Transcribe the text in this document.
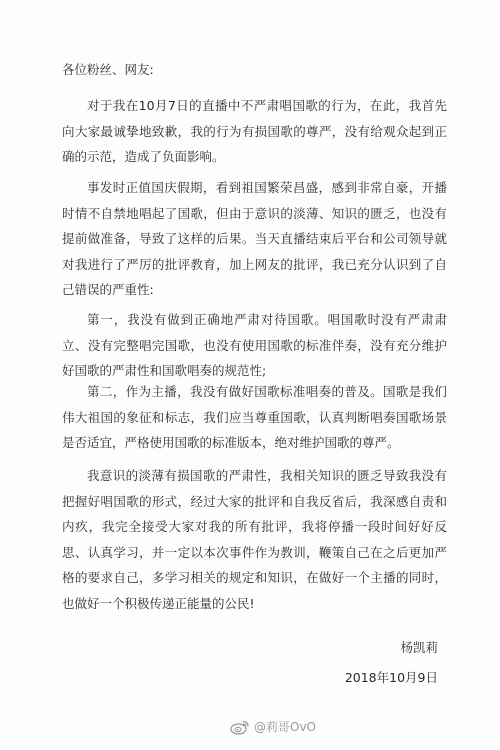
各位粉丝、网友:

对于我在10月7日的直播中不严肃唱国歌的行为，在此，我首先向大家最诚挚地致歉，我的行为有损国歌的尊严，没有给观众起到正确的示范，造成了负面影响。

事发时正值国庆假期，看到祖国繁荣昌盛，感到非常自豪，开播时情不自禁地唱起了国歌，但由于意识的淡薄、知识的匮乏，也没有提前做准备，导致了这样的后果。当天直播结束后平台和公司领导就对我进行了严厉的批评教育，加上网友的批评，我已充分认识到了自己错误的严重性:

第一，我没有做到正确地严肃对待国歌。唱国歌时没有严肃肃立、没有完整唱完国歌，也没有使用国歌的标准伴奏，没有充分维护好国歌的严肃性和国歌唱奏的规范性;

第二，作为主播，我没有做好国歌标准唱奏的普及。国歌是我们伟大祖国的象征和标志，我们应当尊重国歌，认真判断唱奏国歌场景是否适宜，严格使用国歌的标准版本，绝对维护国歌的尊严。

我意识的淡薄有损国歌的严肃性，我相关知识的匮乏导致我没有把握好唱国歌的形式，经过大家的批评和自我反省后，我深感自责和内疚，我完全接受大家对我的所有批评，我将停播一段时间好好反思、认真学习，并一定以本次事件作为教训，鞭策自己在之后更加严格的要求自己，多学习相关的规定和知识，在做好一个主播的同时，也做好一个积极传递正能量的公民!

杨凯莉
2018年10月9日
@莉哥OvO
